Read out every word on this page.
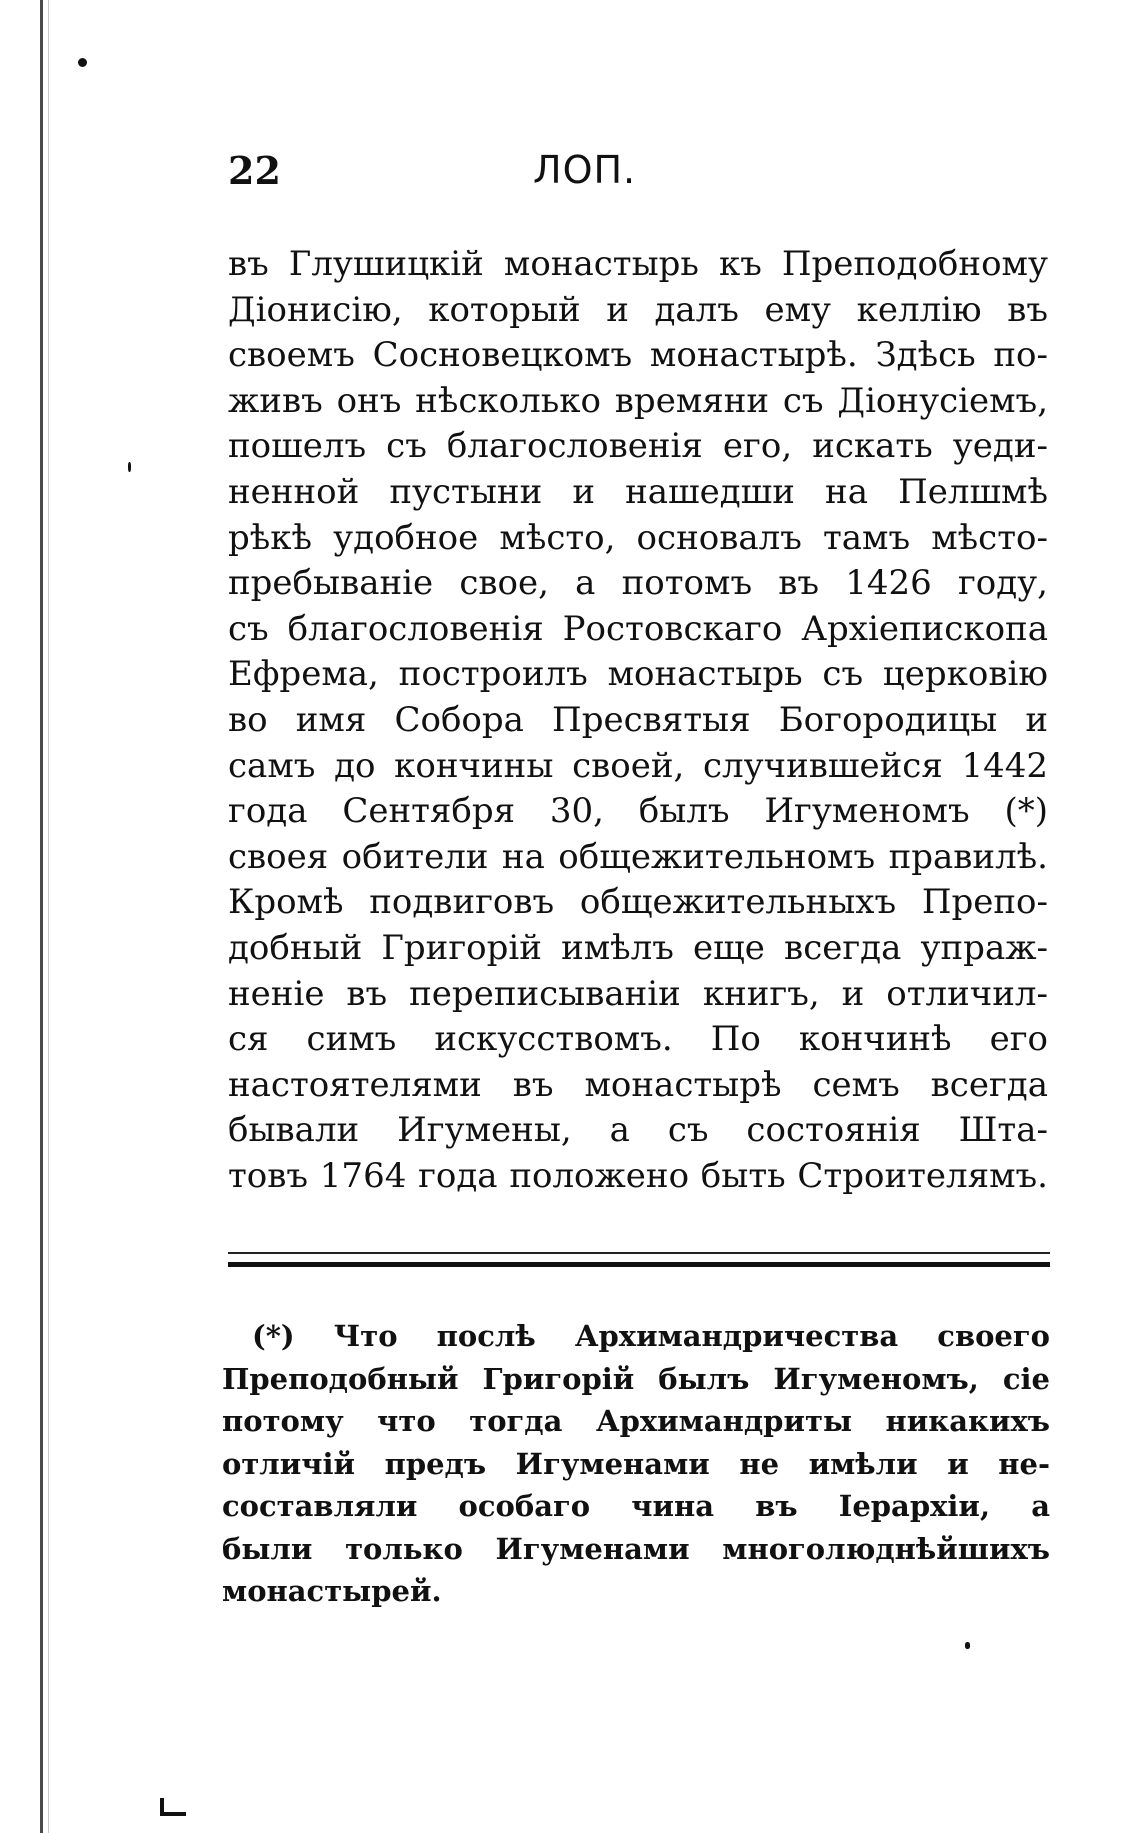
22	ЛОП.
въ Глушицкій монастырь къ Преподобному
Діонисію, который и далъ ему келлію въ
своемъ Сосновецкомъ монастырѣ. Здѣсь по-
живъ онъ нѣсколько времяни съ Діонусіемъ,
пошелъ съ благословенія его, искать уеди-
ненной пустыни и нашедши на Пелшмѣ
рѣкѣ удобное мѣсто, основалъ тамъ мѣсто-
пребываніе свое, а потомъ въ 1426 году,
съ благословенія Ростовскаго Архіепископа
Ефрема, построилъ монастырь съ церковію
во имя Собора Пресвятыя Богородицы и
самъ до кончины своей, случившейся 1442
года Сентября 30, былъ Игуменомъ (*)
своея обители на общежительномъ правилѣ.
Кромѣ подвиговъ общежительныхъ Препо-
добный Григорій имѣлъ еще всегда упраж-
неніе въ переписываніи книгъ, и отличил-
ся симъ искусствомъ. По кончинѣ его
настоятелями въ монастырѣ семъ всегда
бывали Игумены, а съ состоянія Шта-
товъ 1764 года положено быть Строителямъ.
(*) Что послѣ Архимандричества своего
Преподобный Григорій былъ Игуменомъ, сіе
потому что тогда Архимандриты никакихъ
отличій предъ Игуменами не имѣли и не-
составляли особаго чина въ Іерархіи, а
были только Игуменами многолюднѣйшихъ
монастырей.
